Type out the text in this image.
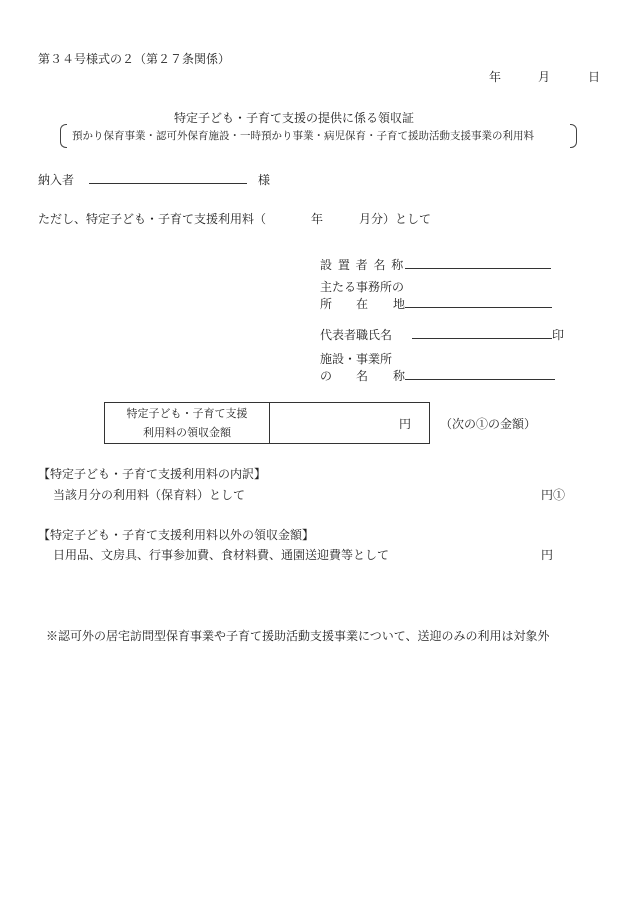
第３４号様式の２（第２７条関係）
年	月	日
特定子ども・子育て支援の提供に係る領収証
預かり保育事業・認可外保育施設・一時預かり事業・病児保育・子育て援助活動支援事業の利用料
納入者	様
ただし、特定子ども・子育て支援利用料（	年	月分）として
設 置 者 名 称
主たる事務所の
所 在 地
代表者職氏名	印
施設・事業所
の 名 称
特定子ども・子育て支援
利用料の領収金額
円 （次の①の金額）
【特定子ども・子育て支援利用料の内訳】
当該月分の利用料（保育料）として	円①
【特定子ども・子育て支援利用料以外の領収金額】
日用品、文房具、行事参加費、食材料費、通園送迎費等として	円
※認可外の居宅訪問型保育事業や子育て援助活動支援事業について、送迎のみの利用は対象外
